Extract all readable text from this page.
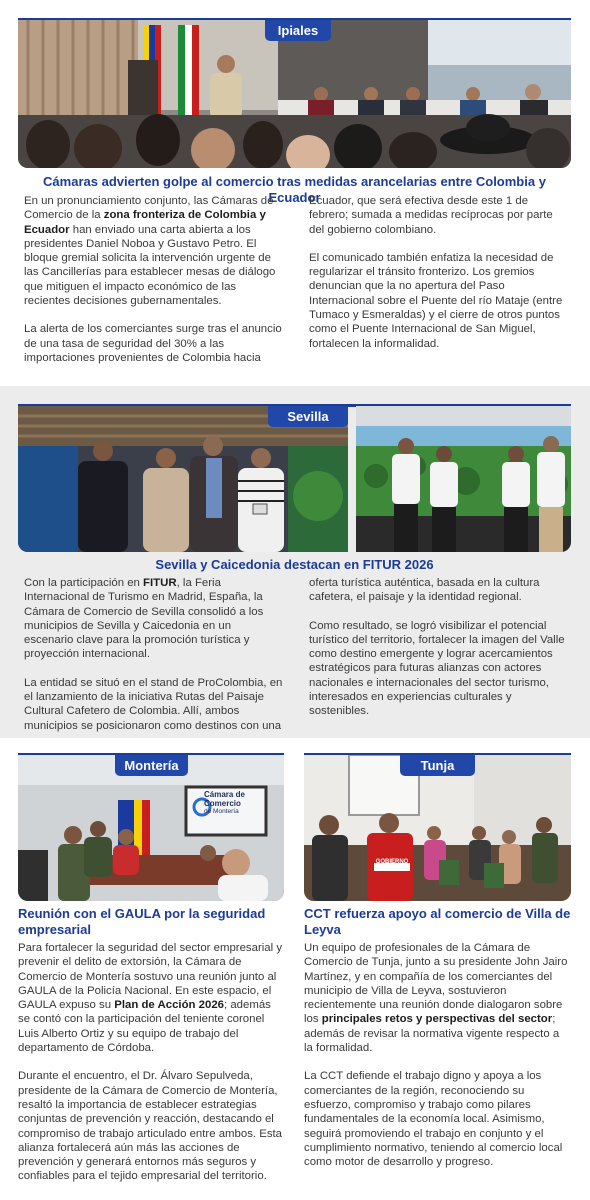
Ipiales
Cámaras advierten golpe al comercio tras medidas arancelarias entre Colombia y Ecuador

En un pronunciamiento conjunto, las Cámaras de Comercio de la zona fronteriza de Colombia y Ecuador han enviado una carta abierta a los presidentes Daniel Noboa y Gustavo Petro. El bloque gremial solicita la intervención urgente de las Cancillerías para establecer mesas de diálogo que mitiguen el impacto económico de las recientes decisiones gubernamentales.

La alerta de los comerciantes surge tras el anuncio de una tasa de seguridad del 30% a las importaciones provenientes de Colombia hacia Ecuador, que será efectiva desde este 1 de febrero; sumada a medidas recíprocas por parte del gobierno colombiano.

El comunicado también enfatiza la necesidad de regularizar el tránsito fronterizo. Los gremios denuncian que la no apertura del Paso Internacional sobre el Puente del río Mataje (entre Tumaco y Esmeraldas) y el cierre de otros puntos como el Puente Internacional de San Miguel, fortalecen la informalidad.

Sevilla
Sevilla y Caicedonia destacan en FITUR 2026

Con la participación en FITUR, la Feria Internacional de Turismo en Madrid, España, la Cámara de Comercio de Sevilla consolidó a los municipios de Sevilla y Caicedonia en un escenario clave para la promoción turística y proyección internacional.

La entidad se situó en el stand de ProColombia, en el lanzamiento de la iniciativa Rutas del Paisaje Cultural Cafetero de Colombia. Allí, ambos municipios se posicionaron como destinos con una oferta turística auténtica, basada en la cultura cafetera, el paisaje y la identidad regional.

Como resultado, se logró visibilizar el potencial turístico del territorio, fortalecer la imagen del Valle como destino emergente y lograr acercamientos estratégicos para futuras alianzas con actores nacionales e internacionales del sector turismo, interesados en experiencias culturales y sostenibles.

Cámara de
Comercio
de Montería
Montería
Reunión con el GAULA por la seguridad empresarial

Para fortalecer la seguridad del sector empresarial y prevenir el delito de extorsión, la Cámara de Comercio de Montería sostuvo una reunión junto al GAULA de la Policía Nacional. En este espacio, el GAULA expuso su Plan de Acción 2026; además se contó con la participación del teniente coronel Luis Alberto Ortiz y su equipo de trabajo del departamento de Córdoba.

Durante el encuentro, el Dr. Álvaro Sepulveda, presidente de la Cámara de Comercio de Montería, resaltó la importancia de establecer estrategias conjuntas de prevención y reacción, destacando el compromiso de trabajo articulado entre ambos. Esta alianza fortalecerá aún más las acciones de prevención y generará entornos más seguros y confiables para el tejido empresarial del territorio.

GOBIERNO
Tunja
CCT refuerza apoyo al comercio de Villa de Leyva

Un equipo de profesionales de la Cámara de Comercio de Tunja, junto a su presidente John Jairo Martínez, y en compañía de los comerciantes del municipio de Villa de Leyva, sostuvieron recientemente una reunión donde dialogaron sobre los principales retos y perspectivas del sector; además de revisar la normativa vigente respecto a la formalidad.

La CCT defiende el trabajo digno y apoya a los comerciantes de la región, reconociendo su esfuerzo, compromiso y trabajo como pilares fundamentales de la economía local. Asimismo, seguirá promoviendo el trabajo en conjunto y el cumplimiento normativo, teniendo al comercio local como motor de desarrollo y progreso.
